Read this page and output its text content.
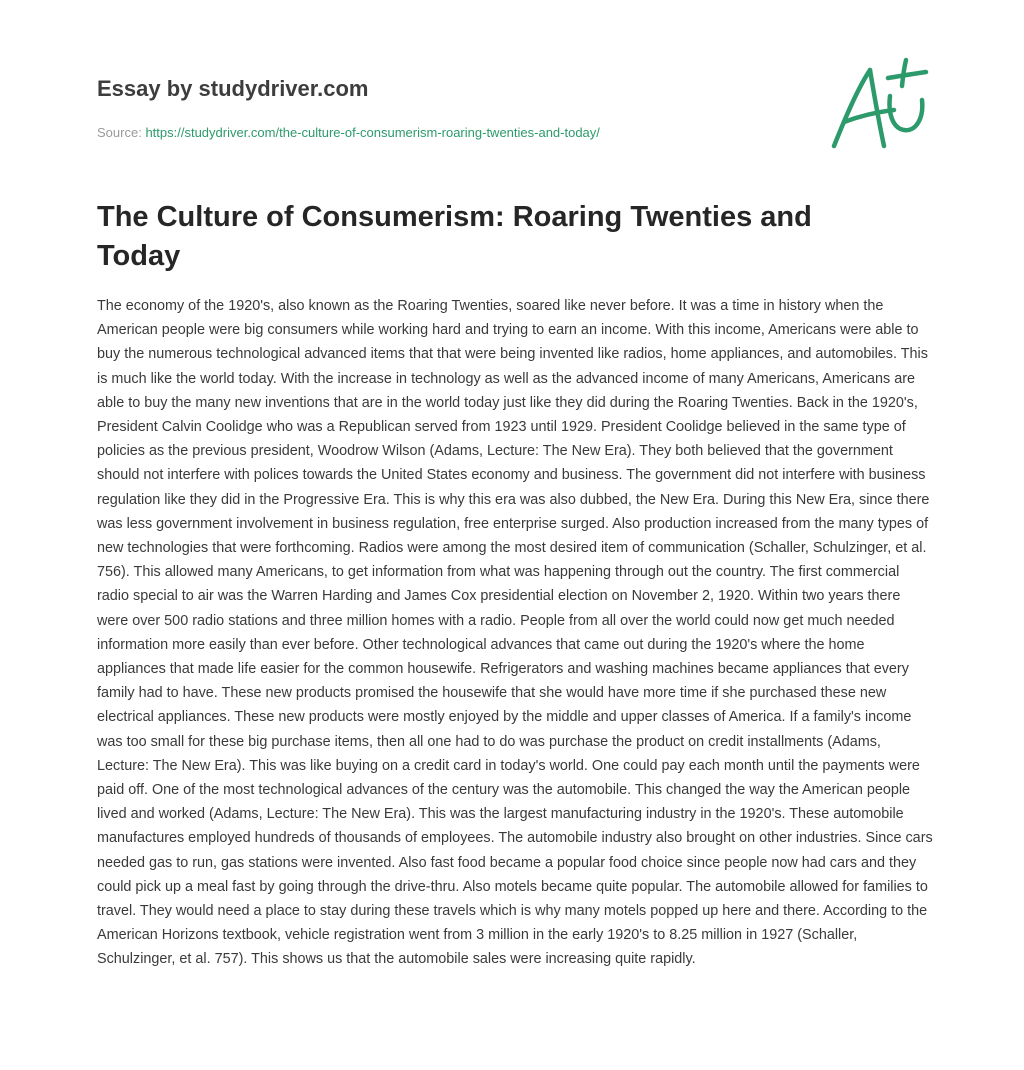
Essay by studydriver.com
Source: https://studydriver.com/the-culture-of-consumerism-roaring-twenties-and-today/
The Culture of Consumerism: Roaring Twenties and Today

The economy of the 1920's, also known as the Roaring Twenties, soared like never before. It was a time in history when the American people were big consumers while working hard and trying to earn an income. With this income, Americans were able to buy the numerous technological advanced items that that were being invented like radios, home appliances, and automobiles. This is much like the world today. With the increase in technology as well as the advanced income of many Americans, Americans are able to buy the many new inventions that are in the world today just like they did during the Roaring Twenties. Back in the 1920's, President Calvin Coolidge who was a Republican served from 1923 until 1929. President Coolidge believed in the same type of policies as the previous president, Woodrow Wilson (Adams, Lecture: The New Era). They both believed that the government should not interfere with polices towards the United States economy and business. The government did not interfere with business regulation like they did in the Progressive Era. This is why this era was also dubbed, the New Era. During this New Era, since there was less government involvement in business regulation, free enterprise surged. Also production increased from the many types of new technologies that were forthcoming. Radios were among the most desired item of communication (Schaller, Schulzinger, et al. 756). This allowed many Americans, to get information from what was happening through out the country. The first commercial radio special to air was the Warren Harding and James Cox presidential election on November 2, 1920. Within two years there were over 500 radio stations and three million homes with a radio. People from all over the world could now get much needed information more easily than ever before. Other technological advances that came out during the 1920's where the home appliances that made life easier for the common housewife. Refrigerators and washing machines became appliances that every family had to have. These new products promised the housewife that she would have more time if she purchased these new electrical appliances. These new products were mostly enjoyed by the middle and upper classes of America. If a family's income was too small for these big purchase items, then all one had to do was purchase the product on credit installments (Adams, Lecture: The New Era). This was like buying on a credit card in today's world. One could pay each month until the payments were paid off. One of the most technological advances of the century was the automobile. This changed the way the American people lived and worked (Adams, Lecture: The New Era). This was the largest manufacturing industry in the 1920's. These automobile manufactures employed hundreds of thousands of employees. The automobile industry also brought on other industries. Since cars needed gas to run, gas stations were invented. Also fast food became a popular food choice since people now had cars and they could pick up a meal fast by going through the drive-thru. Also motels became quite popular. The automobile allowed for families to travel. They would need a place to stay during these travels which is why many motels popped up here and there. According to the American Horizons textbook, vehicle registration went from 3 million in the early 1920's to 8.25 million in 1927 (Schaller, Schulzinger, et al. 757). This shows us that the automobile sales were increasing quite rapidly.
